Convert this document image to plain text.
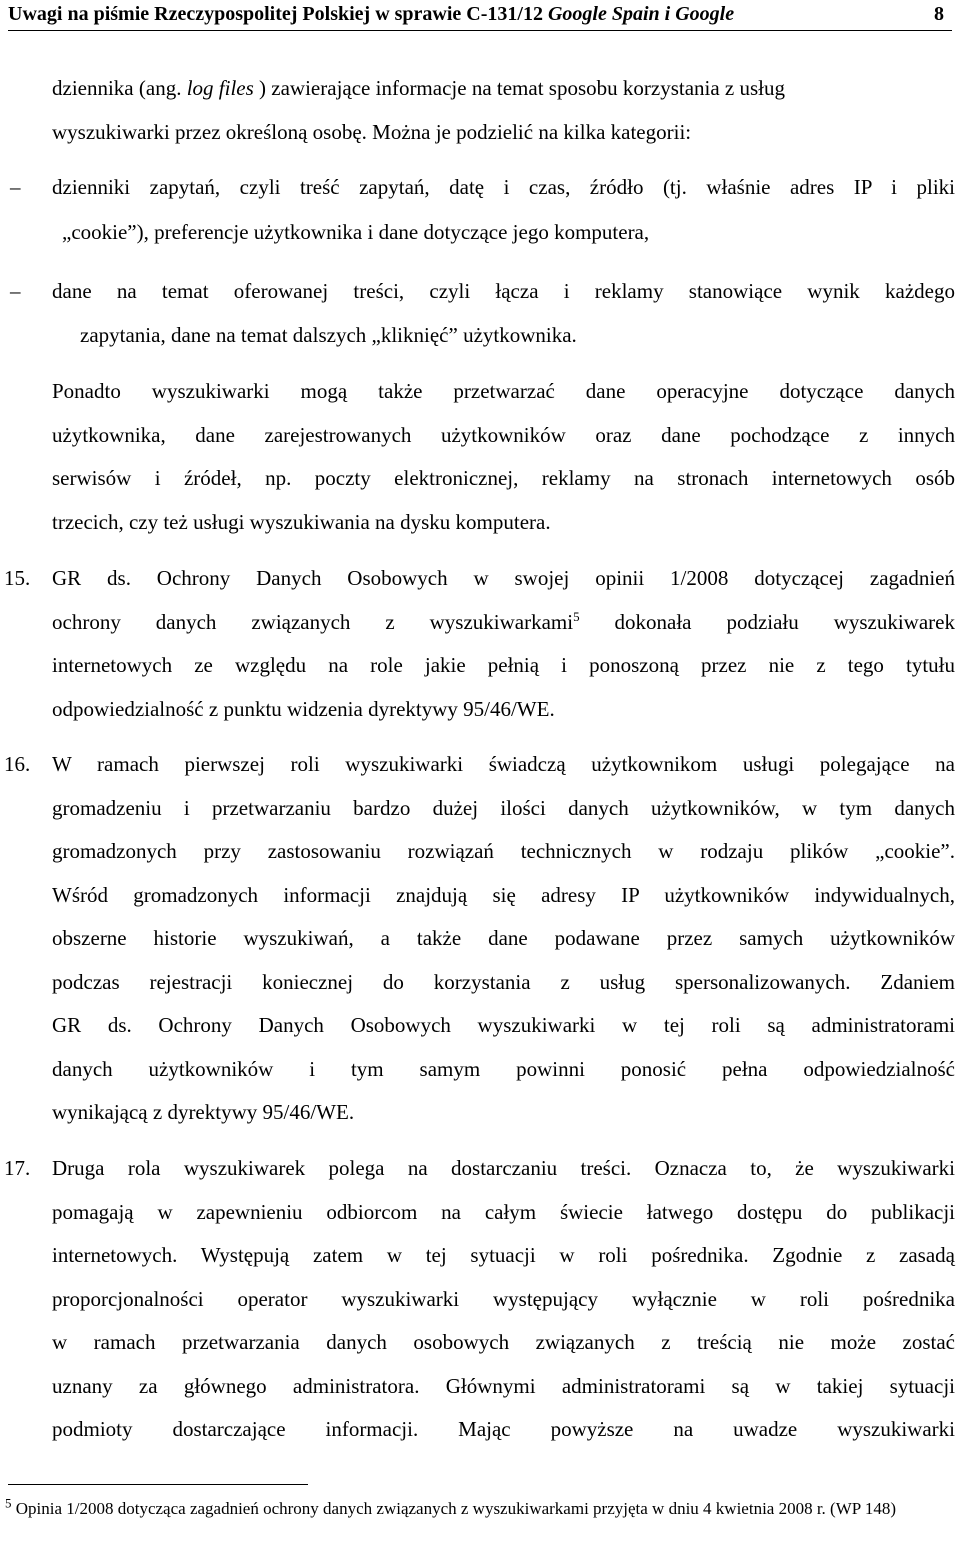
Uwagi na piśmie Rzeczypospolitej Polskiej w sprawie C-131/12 Google Spain i Google	8
dziennika (ang. log files ) zawierające informacje na temat sposobu korzystania z usług
wyszukiwarki przez określoną osobę. Można je podzielić na kilka kategorii:
– dzienniki zapytań, czyli treść zapytań, datę i czas, źródło (tj. właśnie adres IP i pliki
„cookie”), preferencje użytkownika i dane dotyczące jego komputera,
– dane na temat oferowanej treści, czyli łącza i reklamy stanowiące wynik każdego
zapytania, dane na temat dalszych „kliknięć” użytkownika.
Ponadto wyszukiwarki mogą także przetwarzać dane operacyjne dotyczące danych
użytkownika, dane zarejestrowanych użytkowników oraz dane pochodzące z innych
serwisów i źródeł, np. poczty elektronicznej, reklamy na stronach internetowych osób
trzecich, czy też usługi wyszukiwania na dysku komputera.
15. GR ds. Ochrony Danych Osobowych w swojej opinii 1/2008 dotyczącej zagadnień
ochrony danych związanych z wyszukiwarkami$^5$ dokonała podziału wyszukiwarek
internetowych ze względu na role jakie pełnią i ponoszoną przez nie z tego tytułu
odpowiedzialność z punktu widzenia dyrektywy 95/46/WE.
16. W ramach pierwszej roli wyszukiwarki świadczą użytkownikom usługi polegające na
gromadzeniu i przetwarzaniu bardzo dużej ilości danych użytkowników, w tym danych
gromadzonych przy zastosowaniu rozwiązań technicznych w rodzaju plików „cookie”.
Wśród gromadzonych informacji znajdują się adresy IP użytkowników indywidualnych,
obszerne historie wyszukiwań, a także dane podawane przez samych użytkowników
podczas rejestracji koniecznej do korzystania z usług spersonalizowanych. Zdaniem
GR ds. Ochrony Danych Osobowych wyszukiwarki w tej roli są administratorami
danych użytkowników i tym samym powinni ponosić pełna odpowiedzialność
wynikającą z dyrektywy 95/46/WE.
17. Druga rola wyszukiwarek polega na dostarczaniu treści. Oznacza to, że wyszukiwarki
pomagają w zapewnieniu odbiorcom na całym świecie łatwego dostępu do publikacji
internetowych. Występują zatem w tej sytuacji w roli pośrednika. Zgodnie z zasadą
proporcjonalności operator wyszukiwarki występujący wyłącznie w roli pośrednika
w ramach przetwarzania danych osobowych związanych z treścią nie może zostać
uznany za głównego administratora. Głównymi administratorami są w takiej sytuacji
podmioty dostarczające informacji. Mając powyższe na uwadze wyszukiwarki
$^5$ Opinia 1/2008 dotycząca zagadnień ochrony danych związanych z wyszukiwarkami przyjęta w dniu 4 kwietnia 2008 r. (WP 148)
